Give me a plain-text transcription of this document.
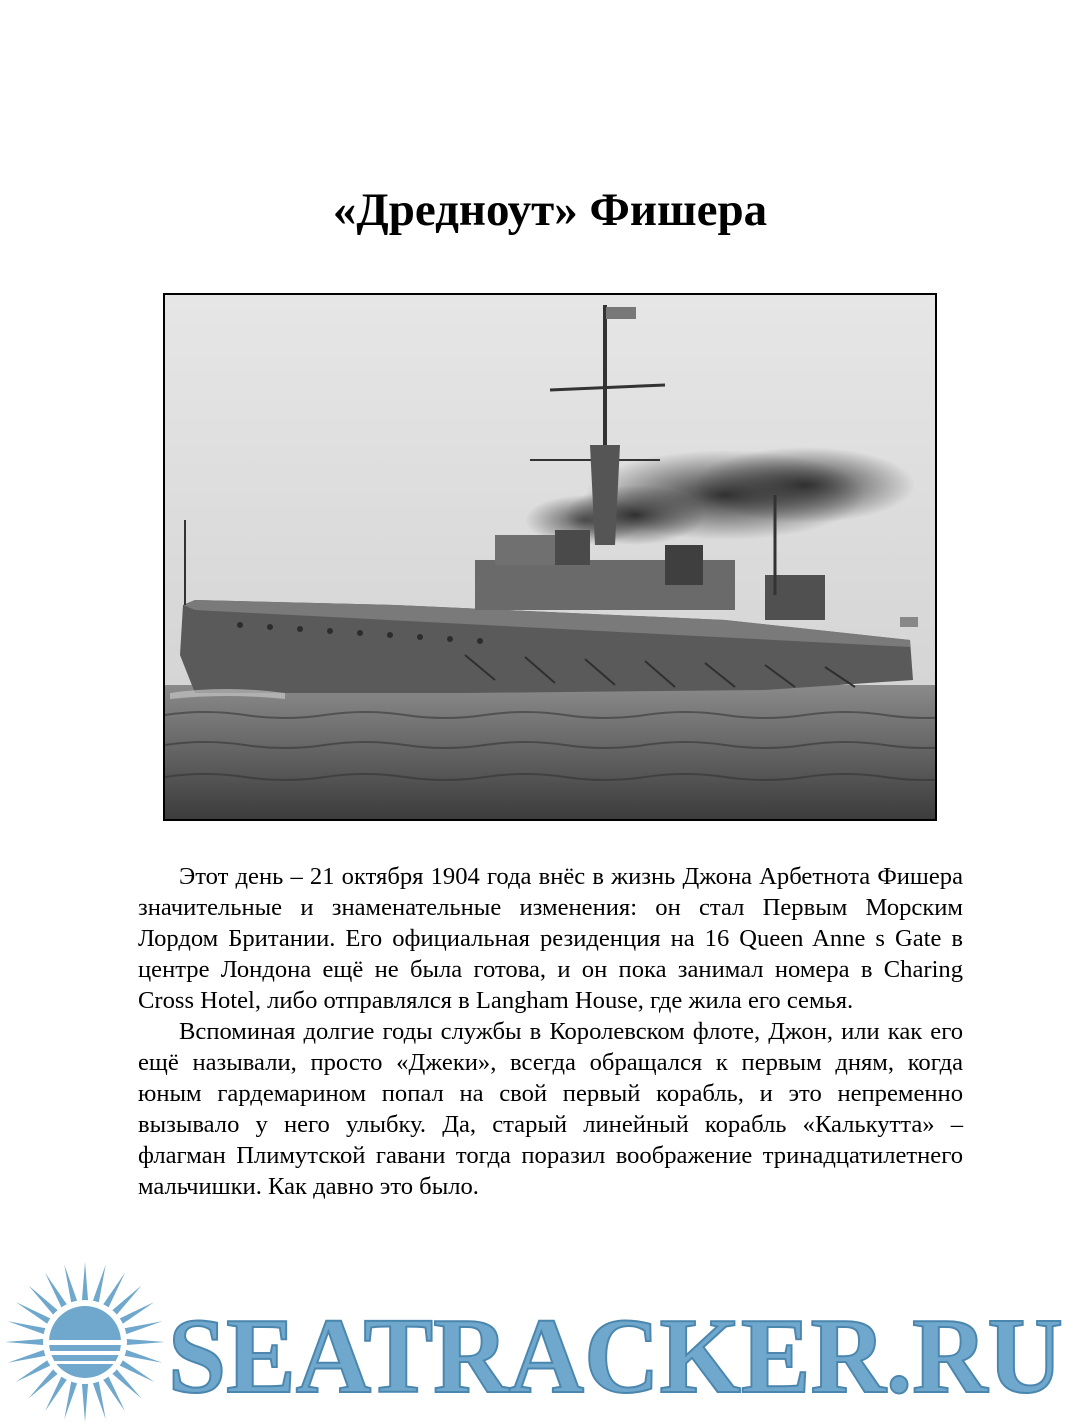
«Дредноут» Фишера

Этот день – 21 октября 1904 года внёс в жизнь Джона Арбетнота Фишера значительные и знаменательные изменения: он стал Первым Морским Лордом Британии. Его официальная резиденция на 16 Queen Anne s Gate в центре Лондона ещё не была готова, и он пока занимал номера в Charing Cross Hotel, либо отправлялся в Langham House, где жила его семья.

Вспоминая долгие годы службы в Королевском флоте, Джон, или как его ещё называли, просто «Джеки», всегда обращался к первым дням, когда юным гардемарином попал на свой первый корабль, и это непременно вызывало у него улыбку. Да, старый линейный корабль «Калькутта» – флагман Плимутской гавани тогда поразил воображение тринадцатилетнего мальчишки. Как давно это было.

SEATRACKER.RU
